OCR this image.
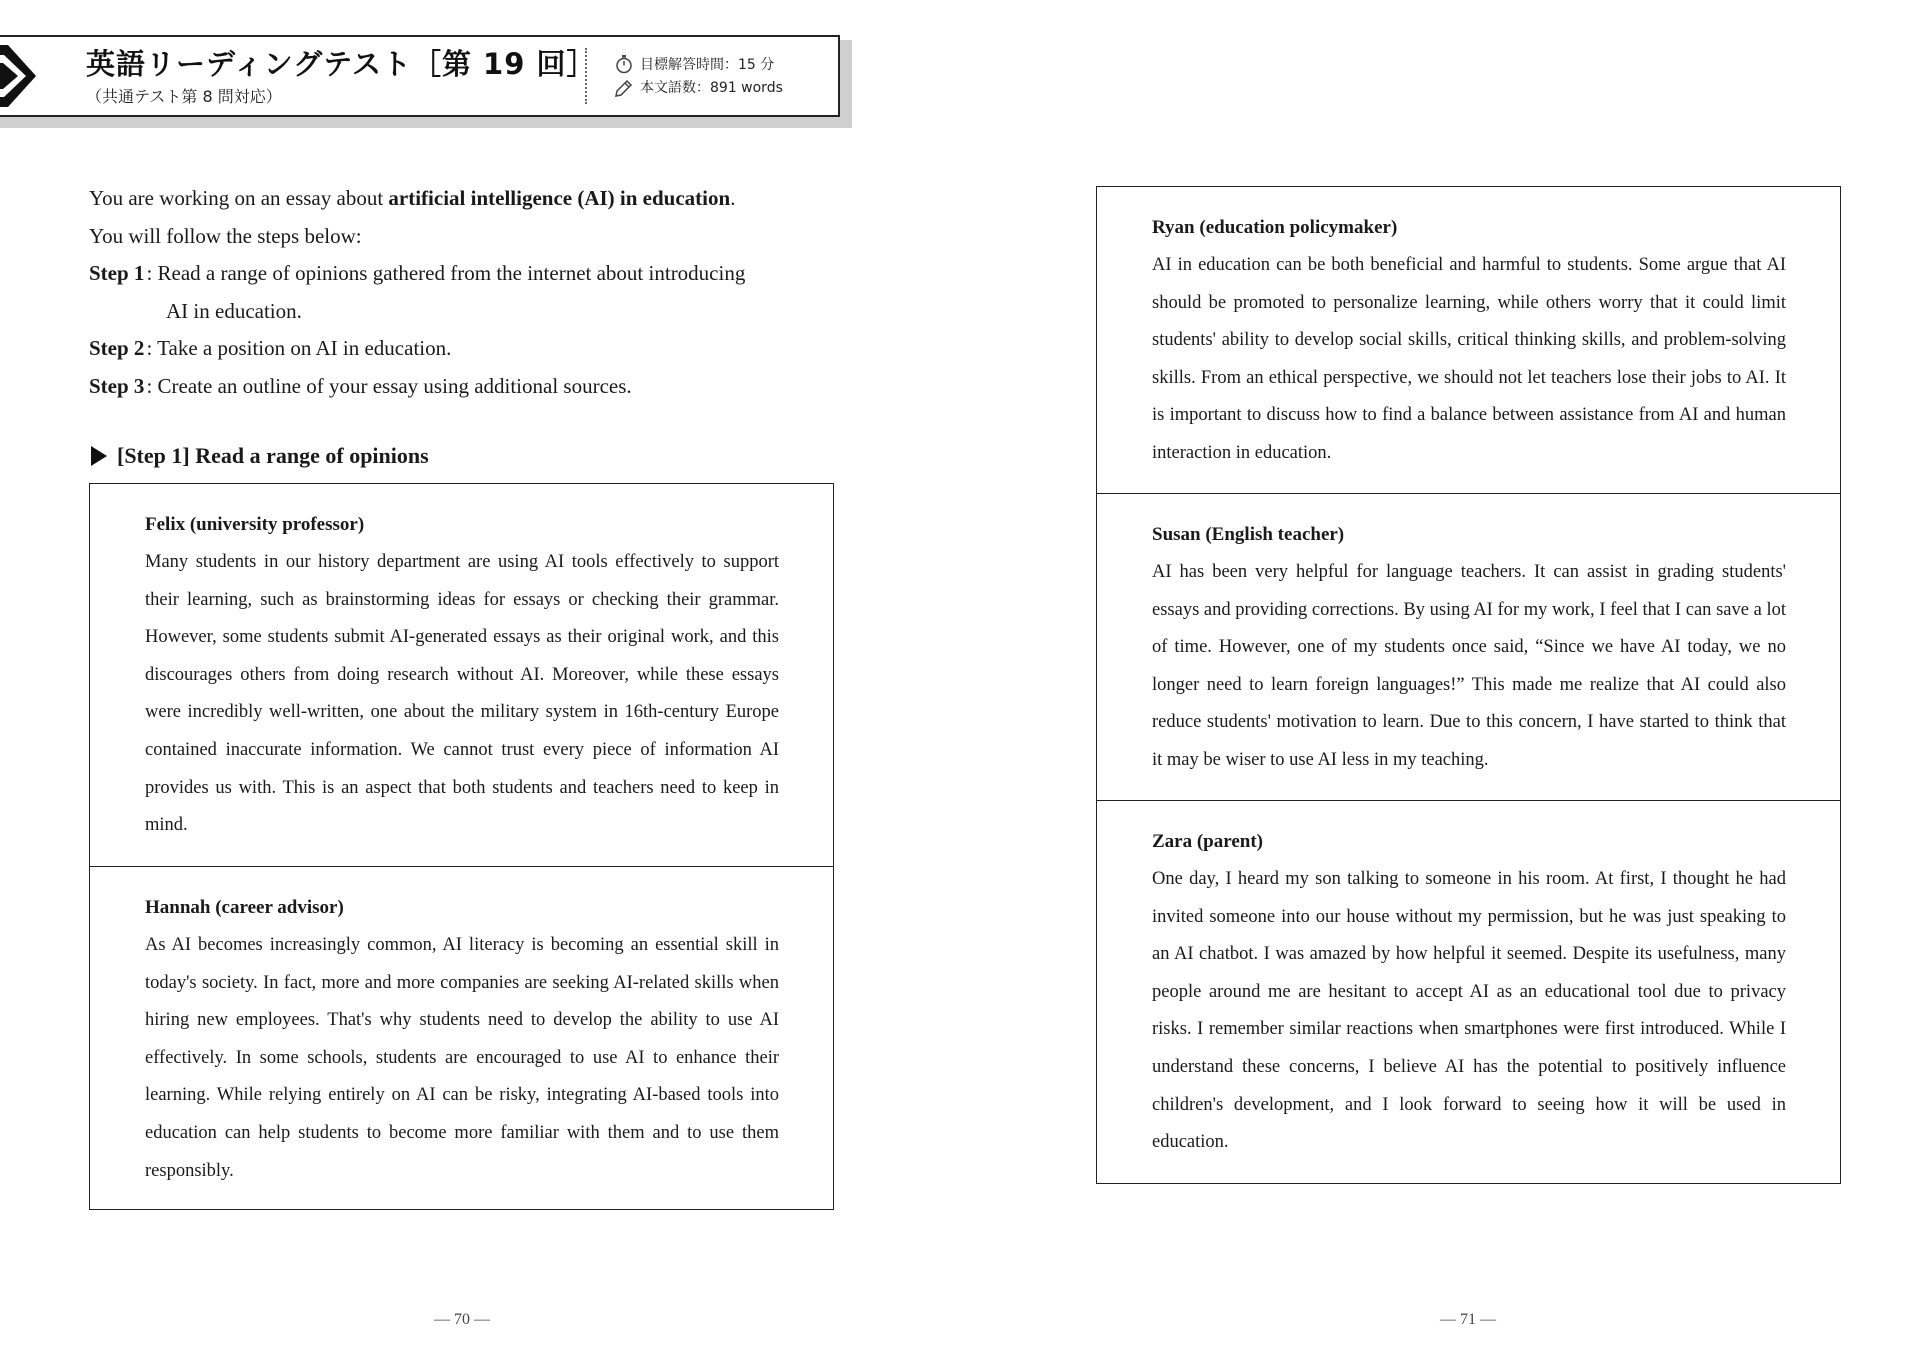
英語リーディングテスト［第 19 回］
（共通テスト第 8 問対応）
目標解答時間：15 分
本文語数：891 words

You are working on an essay about artificial intelligence (AI) in education.

You will follow the steps below:

Step 1 : Read a range of opinions gathered from the internet about introducing
AI in education.
Step 2 : Take a position on AI in education.
Step 3 : Create an outline of your essay using additional sources.
[Step 1] Read a range of opinions
Felix (university professor)
Many students in our history department are using AI tools effectively to support their learning, such as brainstorming ideas for essays or checking their grammar. However, some students submit AI-generated essays as their original work, and this discourages others from doing research without AI. Moreover, while these essays were incredibly well-written, one about the military system in 16th-century Europe contained inaccurate information. We cannot trust every piece of information AI provides us with. This is an aspect that both students and teachers need to keep in mind.
Hannah (career advisor)
As AI becomes increasingly common, AI literacy is becoming an essential skill in today's society. In fact, more and more companies are seeking AI-related skills when hiring new employees. That's why students need to develop the ability to use AI effectively. In some schools, students are encouraged to use AI to enhance their learning. While relying entirely on AI can be risky, integrating AI-based tools into education can help students to become more familiar with them and to use them responsibly.
— 70 —	— 71 —
Ryan (education policymaker)
AI in education can be both beneficial and harmful to students. Some argue that AI should be promoted to personalize learning, while others worry that it could limit students' ability to develop social skills, critical thinking skills, and problem-solving skills. From an ethical perspective, we should not let teachers lose their jobs to AI. It is important to discuss how to find a balance between assistance from AI and human interaction in education.
Susan (English teacher)
AI has been very helpful for language teachers. It can assist in grading students' essays and providing corrections. By using AI for my work, I feel that I can save a lot of time. However, one of my students once said, “Since we have AI today, we no longer need to learn foreign languages!” This made me realize that AI could also reduce students' motivation to learn. Due to this concern, I have started to think that it may be wiser to use AI less in my teaching.
Zara (parent)
One day, I heard my son talking to someone in his room. At first, I thought he had invited someone into our house without my permission, but he was just speaking to an AI chatbot. I was amazed by how helpful it seemed. Despite its usefulness, many people around me are hesitant to accept AI as an educational tool due to privacy risks. I remember similar reactions when smartphones were first introduced. While I understand these concerns, I believe AI has the potential to positively influence children's development, and I look forward to seeing how it will be used in education.
